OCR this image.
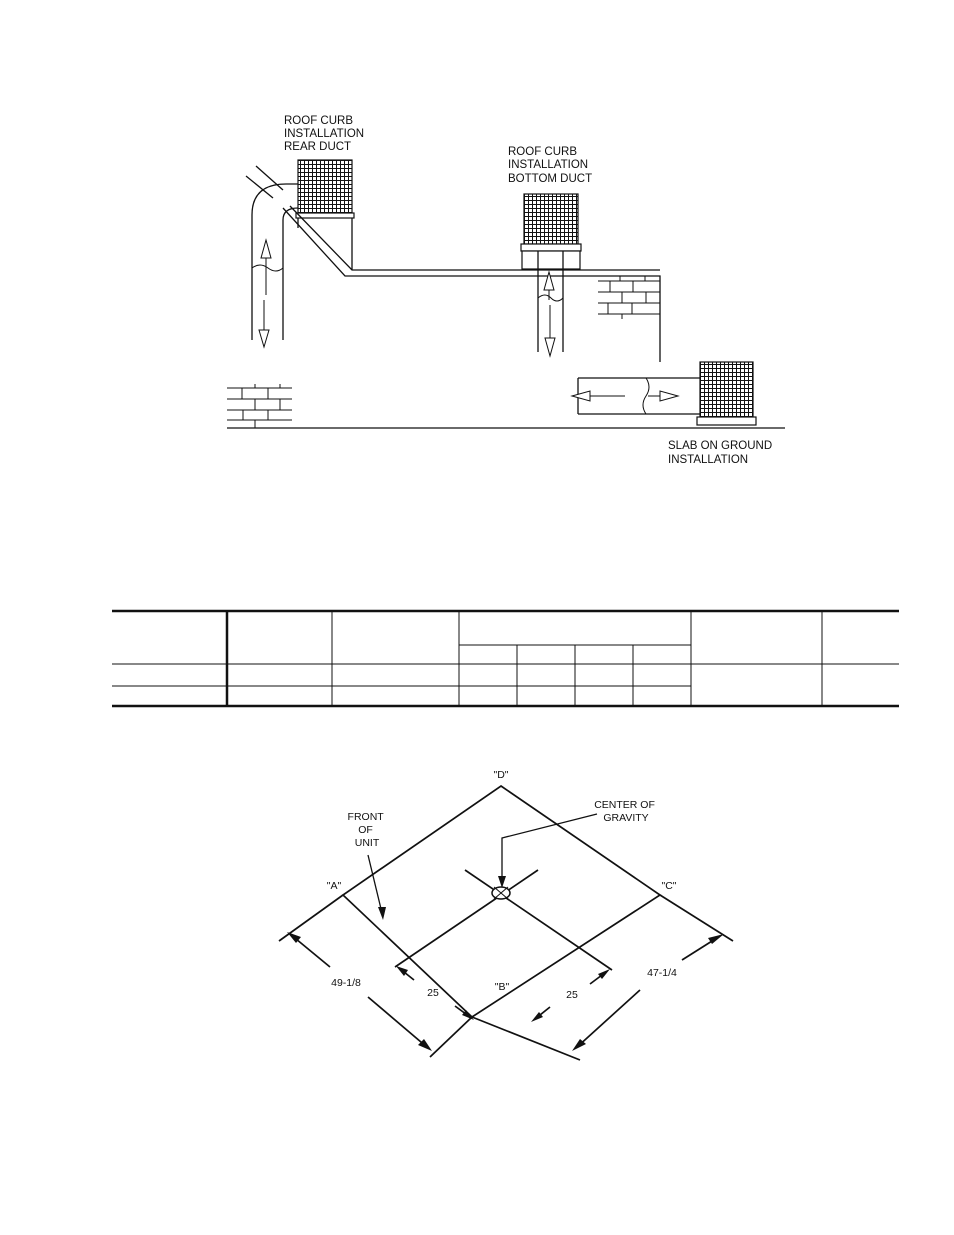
ROOF CURB INSTALLATION REAR DUCT	ROOF CURB INSTALLATION BOTTOM DUCT
SLAB ON GROUND INSTALLATION
"D"
"A"	"C"
"B"
FRONT OF UNIT
CENTER OF GRAVITY
49-1/8
47-1/4
25	25
